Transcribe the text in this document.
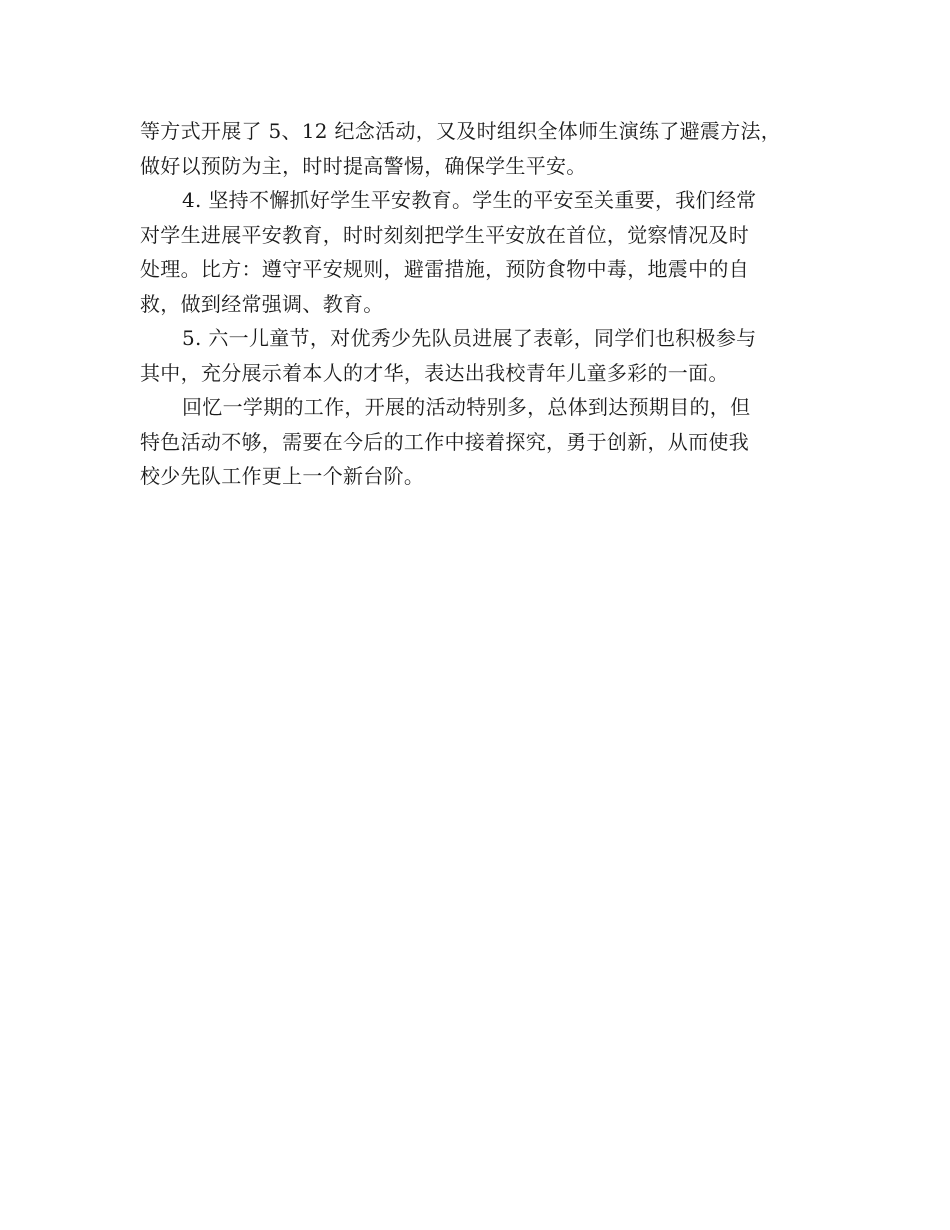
等方式开展了 5、12 纪念活动，又及时组织全体师生演练了避震方法，
做好以预防为主，时时提高警惕，确保学生平安。
4. 坚持不懈抓好学生平安教育。学生的平安至关重要，我们经常
对学生进展平安教育，时时刻刻把学生平安放在首位，觉察情况及时
处理。比方：遵守平安规则，避雷措施，预防食物中毒，地震中的自
救，做到经常强调、教育。
5. 六一儿童节，对优秀少先队员进展了表彰，同学们也积极参与
其中，充分展示着本人的才华，表达出我校青年儿童多彩的一面。
回忆一学期的工作，开展的活动特别多，总体到达预期目的，但
特色活动不够，需要在今后的工作中接着探究，勇于创新，从而使我
校少先队工作更上一个新台阶。
